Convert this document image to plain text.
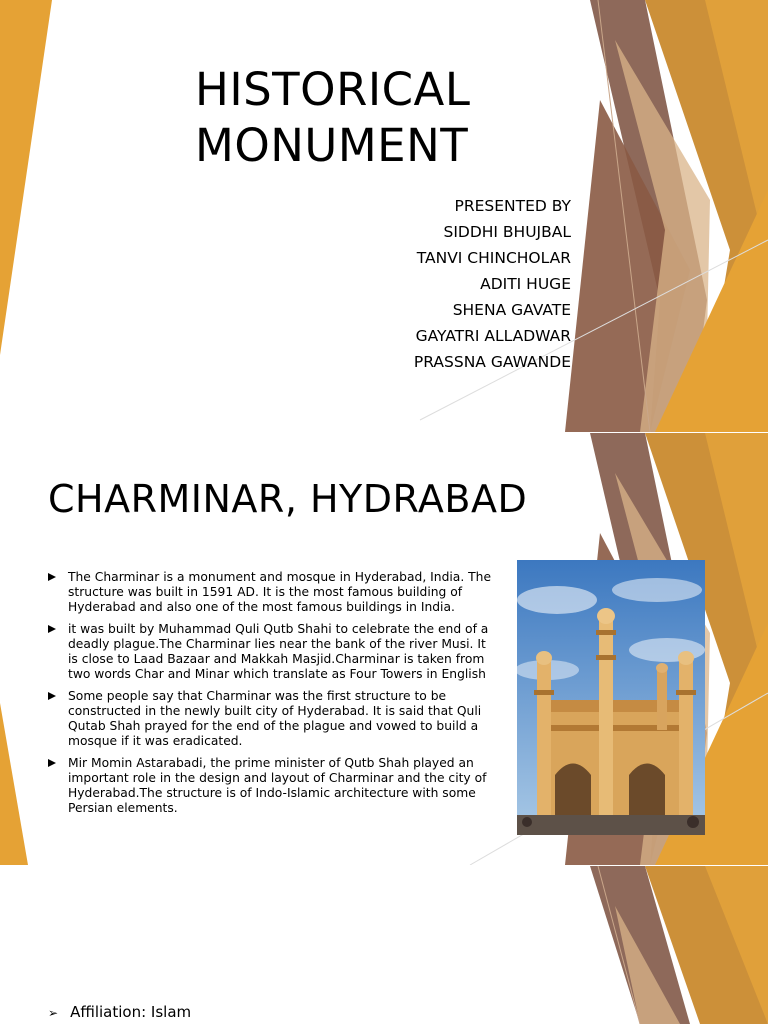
HISTORICAL
MONUMENT
PRESENTED BY
SIDDHI BHUJBAL
TANVI CHINCHOLAR
ADITI HUGE
SHENA GAVATE
GAYATRI ALLADWAR
PRASSNA GAWANDE
CHARMINAR, HYDRABAD
The Charminar is a monument and mosque in Hyderabad, India. The structure was built in 1591 AD. It is the most famous building of Hyderabad and also one of the most famous buildings in India.
it was built by Muhammad Quli Qutb Shahi to celebrate the end of a deadly plague.The Charminar lies near the bank of the river Musi. It is close to Laad Bazaar and Makkah Masjid.Charminar is taken from two words Char and Minar which translate as Four Towers in English
Some people say that Charminar was the first structure to be constructed in the newly built city of Hyderabad. It is said that Quli Qutab Shah prayed for the end of the plague and vowed to build a mosque if it was eradicated.
Mir Momin Astarabadi, the prime minister of Qutb Shah played an important role in the design and layout of Charminar and the city of Hyderabad.The structure is of Indo-Islamic architecture with some Persian elements.
➢ Affiliation: Islam
